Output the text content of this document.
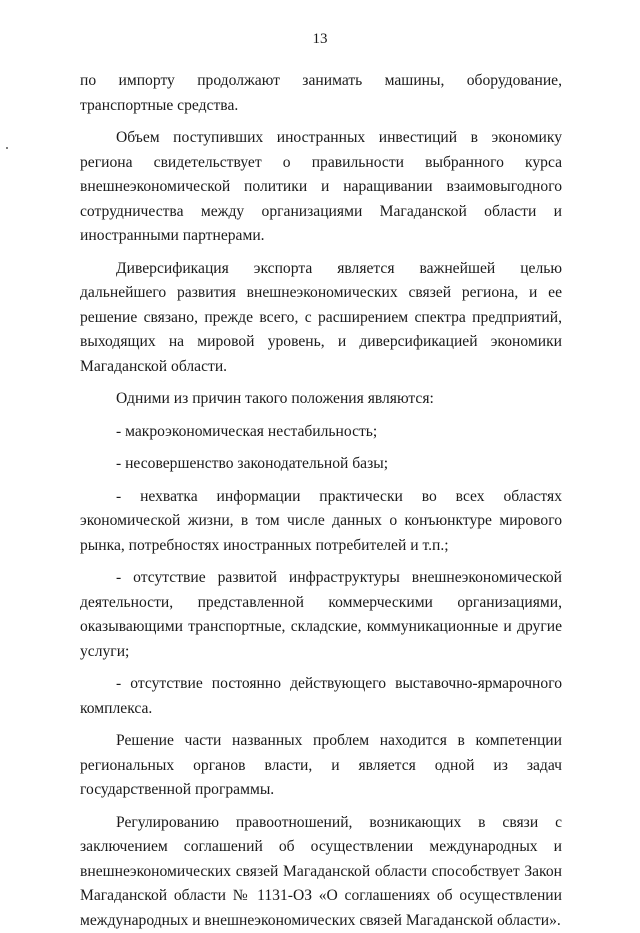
13

по импорту продолжают занимать машины, оборудование, транспортные средства.

Объем поступивших иностранных инвестиций в экономику региона свидетельствует о правильности выбранного курса внешнеэкономической политики и наращивании взаимовыгодного сотрудничества между организациями Магаданской области и иностранными партнерами.

Диверсификация экспорта является важнейшей целью дальнейшего развития внешнеэкономических связей региона, и ее решение связано, прежде всего, с расширением спектра предприятий, выходящих на мировой уровень, и диверсификацией экономики Магаданской области.

Одними из причин такого положения являются:

- макроэкономическая нестабильность;

- несовершенство законодательной базы;

- нехватка информации практически во всех областях экономической жизни, в том числе данных о конъюнктуре мирового рынка, потребностях иностранных потребителей и т.п.;

- отсутствие развитой инфраструктуры внешнеэкономической деятельности, представленной коммерческими организациями, оказывающими транспортные, складские, коммуникационные и другие услуги;

- отсутствие постоянно действующего выставочно-ярмарочного комплекса.

Решение части названных проблем находится в компетенции региональных органов власти, и является одной из задач государственной программы.

Регулированию правоотношений, возникающих в связи с заключением соглашений об осуществлении международных и внешнеэкономических связей Магаданской области способствует Закон Магаданской области № 1131-ОЗ «О соглашениях об осуществлении международных и внешнеэкономических связей Магаданской области».
